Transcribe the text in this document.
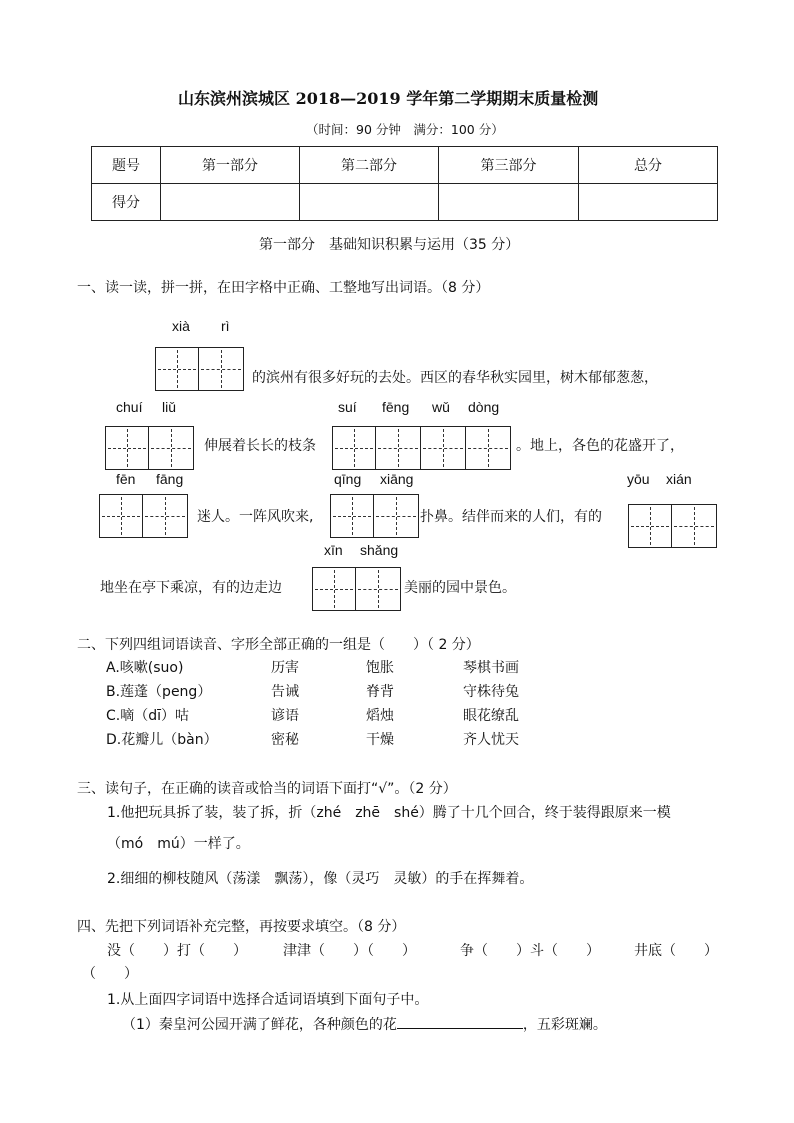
山东滨州滨城区 2018—2019 学年第二学期期末质量检测
（时间：90 分钟　满分：100 分）
题号	第一部分	第二部分	第三部分	总分
得分				
第一部分　基础知识积累与运用（35 分）
一、读一读，拼一拼，在田字格中正确、工整地写出词语。（8 分）
xià rì
的滨州有很多好玩的去处。西区的春华秋实园里，树木郁郁葱葱，
chuí liǔ	suí fēng wǔ dòng
伸展着长长的枝条	。地上，各色的花盛开了，
fēn fāng	qīng xiāng	yōu xián
迷人。一阵风吹来,	扑鼻。结伴而来的人们，有的
xīn shǎng
地坐在亭下乘凉，有的边走边	美丽的园中景色。
二、下列四组词语读音、字形全部正确的一组是（　　）（ 2 分）
A.咳嗽(suo)	历害	饱胀	琴棋书画
B.莲蓬（peng）	告诫	脊背	守株待兔
C.嘀（dī）咕	谚语	熖烛	眼花缭乱
D.花瓣儿（bàn）	密秘	干燥	齐人忧天
三、读句子，在正确的读音或恰当的词语下面打“√”。（2 分）
1.他把玩具拆了装，装了拆，折（zhé　zhē　shé）腾了十几个回合，终于装得跟原来一模
（mó　mú）一样了。
2.细细的柳枝随风（荡漾　飘荡），像（灵巧　灵敏）的手在挥舞着。
四、先把下列词语补充完整，再按要求填空。（8 分）
没（　　）打（　　）	津津（　　）（　　）	争（　　）斗（　　） 井底（　　）
（　　）
1.从上面四字词语中选择合适词语填到下面句子中。
（1）秦皇河公园开满了鲜花，各种颜色的花	，五彩斑斓。
